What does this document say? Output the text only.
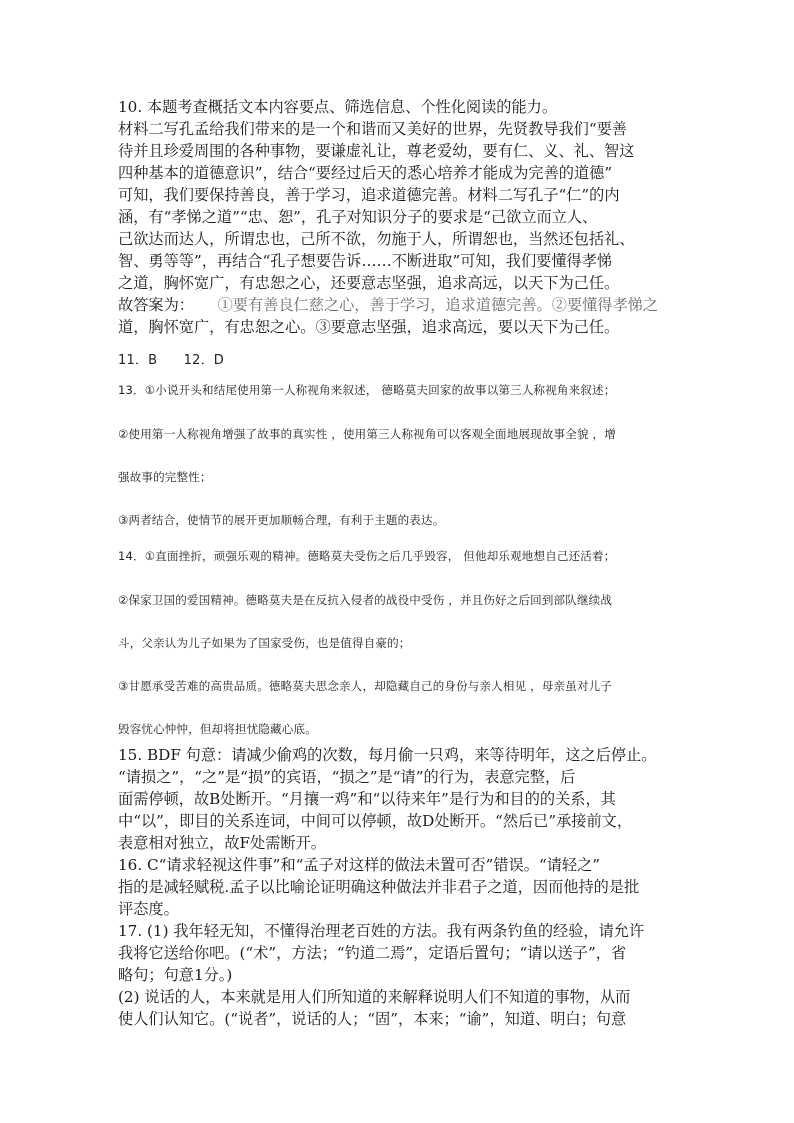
10. 本题考查概括文本内容要点、筛选信息、个性化阅读的能力。
材料二写孔孟给我们带来的是一个和谐而又美好的世界，先贤教导我们“要善
待并且珍爱周围的各种事物，要谦虚礼让，尊老爱幼，要有仁、义、礼、智这
四种基本的道德意识”，结合“要经过后天的悉心培养才能成为完善的道德”
可知，我们要保持善良，善于学习，追求道德完善。材料二写孔子“仁”的内
涵，有“孝悌之道”“忠、恕”，孔子对知识分子的要求是“己欲立而立人、
己欲达而达人，所谓忠也，己所不欲，勿施于人，所谓恕也，当然还包括礼、
智、勇等等”，再结合“孔子想要告诉……不断进取”可知，我们要懂得孝悌
之道，胸怀宽广，有忠恕之心，还要意志坚强，追求高远，以天下为己任。
故答案为： ①要有善良仁慈之心，善于学习，追求道德完善。②要懂得孝悌之
道，胸怀宽广，有忠恕之心。③要意志坚强，追求高远，要以天下为己任。
11．B　　12．D
13．①小说开头和结尾使用第一人称视角来叙述， 德略莫夫回家的故事以第三人称视角来叙述；
②使用第一人称视角增强了故事的真实性 ，使用第三人称视角可以客观全面地展现故事全貌 ，增
强故事的完整性；
③两者结合，使情节的展开更加顺畅合理，有利于主题的表达。
14．①直面挫折，顽强乐观的精神。德略莫夫受伤之后几乎毁容， 但他却乐观地想自己还活着；
②保家卫国的爱国精神。德略莫夫是在反抗入侵者的战役中受伤 ，并且伤好之后回到部队继续战
斗，父亲认为儿子如果为了国家受伤，也是值得自豪的；
③甘愿承受苦难的高贵品质。德略莫夫思念亲人，却隐藏自己的身份与亲人相见 ，母亲虽对儿子
毁容忧心忡忡，但却将担忧隐藏心底。
15. BDF 句意：请减少偷鸡的次数，每月偷一只鸡，来等待明年，这之后停止。
“请损之”，“之”是“损”的宾语，“损之”是“请”的行为，表意完整，后
面需停顿，故B处断开。“月攘一鸡”和“以待来年”是行为和目的的关系，其
中“以”，即目的关系连词，中间可以停顿，故D处断开。“然后已”承接前文，
表意相对独立，故F处需断开。
16. C“请求轻视这件事”和“孟子对这样的做法未置可否”错误。“请轻之”
指的是减轻赋税.孟子以比喻论证明确这种做法并非君子之道，因而他持的是批
评态度。
17. (1) 我年轻无知，不懂得治理老百姓的方法。我有两条钓鱼的经验，请允许
我将它送给你吧。(“术”，方法；“钓道二焉”，定语后置句；“请以送子”，省
略句；句意1分。)
(2) 说话的人，本来就是用人们所知道的来解释说明人们不知道的事物，从而
使人们认知它。(“说者”，说话的人；“固”，本来；“谕”，知道、明白；句意
